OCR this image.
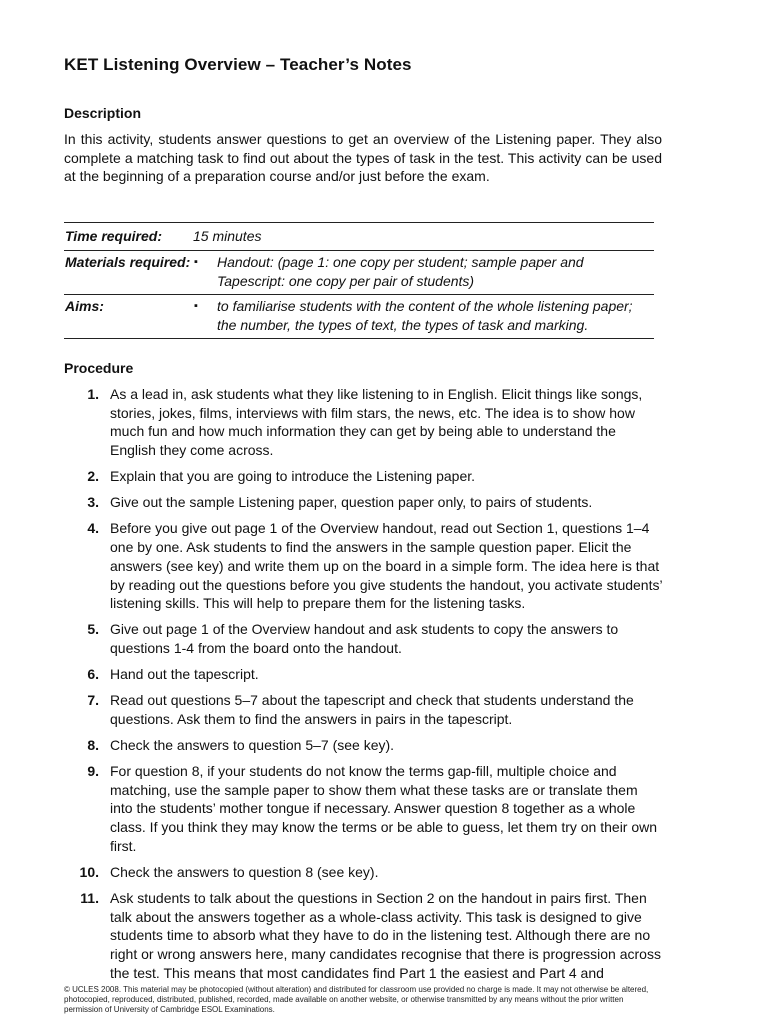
KET Listening Overview – Teacher’s Notes
Description

In this activity, students answer questions to get an overview of the Listening paper. They also complete a matching task to find out about the types of task in the test. This activity can be used at the beginning of a preparation course and/or just before the exam.

Time required:	15 minutes
Materials required: ▪	Handout: (page 1: one copy per student; sample paper and Tapescript: one copy per pair of students)
Aims:	▪	to familiarise students with the content of the whole listening paper; the number, the types of text, the types of task and marking.
Procedure
1. As a lead in, ask students what they like listening to in English. Elicit things like songs, stories, jokes, films, interviews with film stars, the news, etc. The idea is to show how much fun and how much information they can get by being able to understand the English they come across.
2. Explain that you are going to introduce the Listening paper.
3. Give out the sample Listening paper, question paper only, to pairs of students.
4. Before you give out page 1 of the Overview handout, read out Section 1, questions 1–4 one by one. Ask students to find the answers in the sample question paper. Elicit the answers (see key) and write them up on the board in a simple form. The idea here is that by reading out the questions before you give students the handout, you activate students’ listening skills. This will help to prepare them for the listening tasks.
5. Give out page 1 of the Overview handout and ask students to copy the answers to questions 1-4 from the board onto the handout.
6. Hand out the tapescript.
7. Read out questions 5–7 about the tapescript and check that students understand the questions. Ask them to find the answers in pairs in the tapescript.
8. Check the answers to question 5–7 (see key).
9. For question 8, if your students do not know the terms gap-fill, multiple choice and matching, use the sample paper to show them what these tasks are or translate them into the students’ mother tongue if necessary. Answer question 8 together as a whole class. If you think they may know the terms or be able to guess, let them try on their own first.
10. Check the answers to question 8 (see key).
11. Ask students to talk about the questions in Section 2 on the handout in pairs first. Then talk about the answers together as a whole-class activity. This task is designed to give students time to absorb what they have to do in the listening test. Although there are no right or wrong answers here, many candidates recognise that there is progression across the test. This means that most candidates find Part 1 the easiest and Part 4 and
© UCLES 2008. This material may be photocopied (without alteration) and distributed for classroom use provided no charge is made. It may not otherwise be altered, photocopied, reproduced, distributed, published, recorded, made available on another website, or otherwise transmitted by any means without the prior written permission of University of Cambridge ESOL Examinations.
